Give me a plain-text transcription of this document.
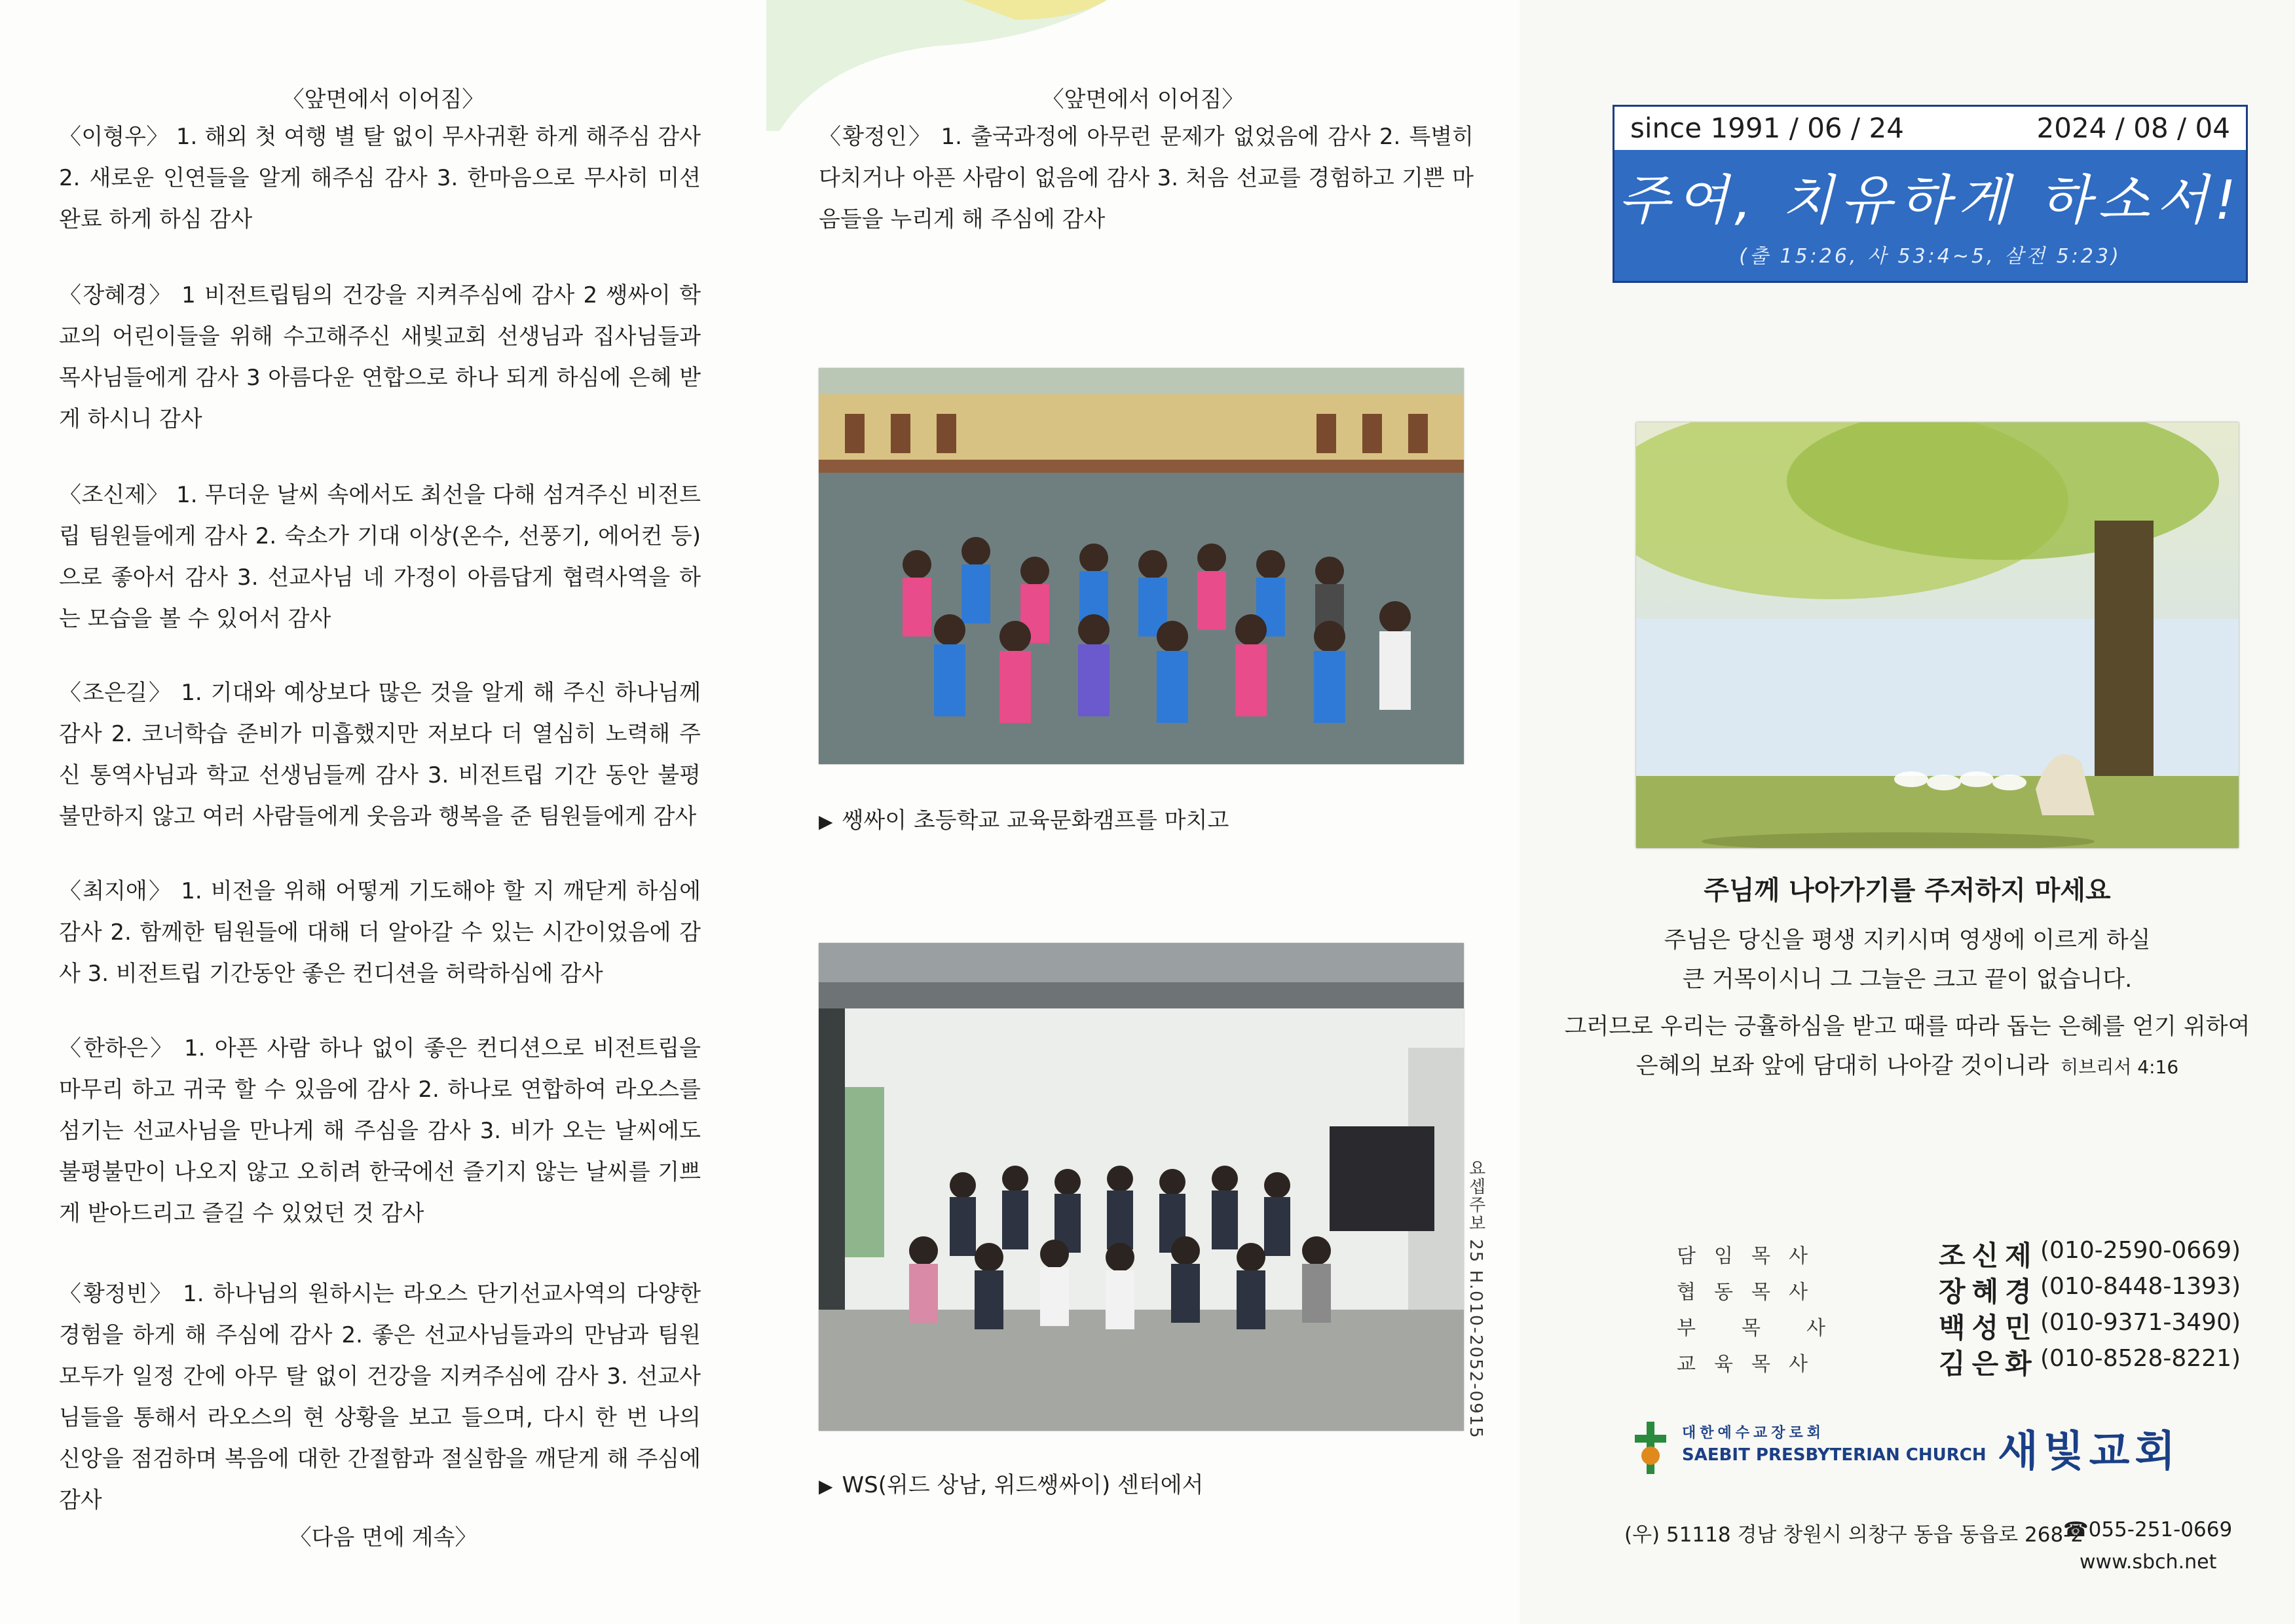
〈앞면에서 이어짐〉

〈이형우〉 1. 해외 첫 여행 별 탈 없이 무사귀환 하게 해주심 감사 2. 새로운 인연들을 알게 해주심 감사 3. 한마음으로 무사히 미션 완료 하게 하심 감사

〈장혜경〉 1 비전트립팀의 건강을 지켜주심에 감사 2 쌩싸이 학교의 어린이들을 위해 수고해주신 새빛교회 선생님과 집사님들과 목사님들에게 감사 3 아름다운 연합으로 하나 되게 하심에 은혜 받게 하시니 감사

〈조신제〉 1. 무더운 날씨 속에서도 최선을 다해 섬겨주신 비전트립 팀원들에게 감사 2. 숙소가 기대 이상(온수, 선풍기, 에어컨 등)으로 좋아서 감사 3. 선교사님 네 가정이 아름답게 협력사역을 하는 모습을 볼 수 있어서 감사

〈조은길〉 1. 기대와 예상보다 많은 것을 알게 해 주신 하나님께 감사 2. 코너학습 준비가 미흡했지만 저보다 더 열심히 노력해 주신 통역사님과 학교 선생님들께 감사 3. 비전트립 기간 동안 불평불만하지 않고 여러 사람들에게 웃음과 행복을 준 팀원들에게 감사

〈최지애〉 1. 비전을 위해 어떻게 기도해야 할 지 깨닫게 하심에 감사 2. 함께한 팀원들에 대해 더 알아갈 수 있는 시간이었음에 감사 3. 비전트립 기간동안 좋은 컨디션을 허락하심에 감사

〈한하은〉 1. 아픈 사람 하나 없이 좋은 컨디션으로 비전트립을 마무리 하고 귀국 할 수 있음에 감사 2. 하나로 연합하여 라오스를 섬기는 선교사님을 만나게 해 주심을 감사 3. 비가 오는 날씨에도 불평불만이 나오지 않고 오히려 한국에선 즐기지 않는 날씨를 기쁘게 받아드리고 즐길 수 있었던 것 감사

〈황정빈〉 1. 하나님의 원하시는 라오스 단기선교사역의 다양한 경험을 하게 해 주심에 감사 2. 좋은 선교사님들과의 만남과 팀원 모두가 일정 간에 아무 탈 없이 건강을 지켜주심에 감사 3. 선교사님들을 통해서 라오스의 현 상황을 보고 들으며, 다시 한 번 나의 신앙을 점검하며 복음에 대한 간절함과 절실함을 깨닫게 해 주심에 감사

〈다음 면에 계속〉
〈앞면에서 이어짐〉

〈황정인〉 1. 출국과정에 아무런 문제가 없었음에 감사 2. 특별히 다치거나 아픈 사람이 없음에 감사 3. 처음 선교를 경험하고 기쁜 마음들을 누리게 해 주심에 감사

▶ 쌩싸이 초등학교 교육문화캠프를 마치고
▶ WS(위드 상남, 위드쌩싸이) 센터에서
요셉주보 25 H.010-2052-0915
since 1991 / 06 / 24	2024 / 08 / 04
주여, 치유하게 하소서!
(출 15:26, 사 53:4~5, 살전 5:23)
주님께 나아가기를 주저하지 마세요
주님은 당신을 평생 지키시며 영생에 이르게 하실
큰 거목이시니 그 그늘은 크고 끝이 없습니다.
그러므로 우리는 긍휼하심을 받고 때를 따라 돕는 은혜를 얻기 위하여
은혜의 보좌 앞에 담대히 나아갈 것이니라 히브리서 4:16
담임목사	조신제 (010-2590-0669)
협동목사	장혜경 (010-8448-1393)
부목사 백성민 (010-9371-3490)
교육목사	김은화 (010-8528-8221)
대한예수교장로회
SAEBIT PRESBYTERIAN CHURCH 새빛교회
(우) 51118 경남 창원시 의창구 동읍 동읍로 268-2
☎055-251-0669
www.sbch.net
